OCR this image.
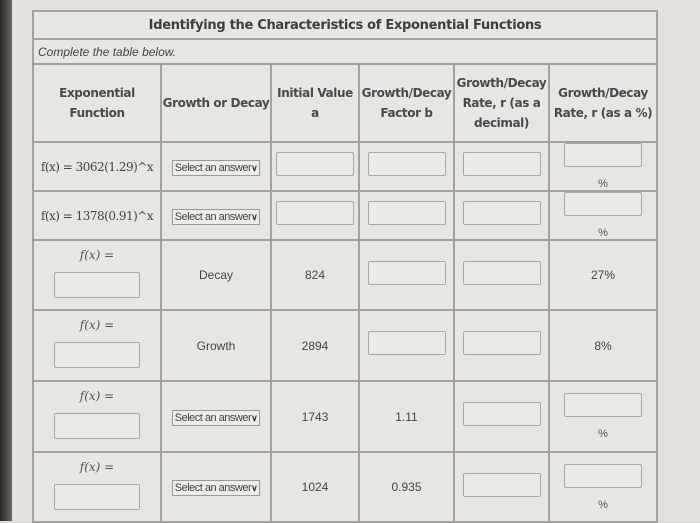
Identifying the Characteristics of Exponential Functions					
Complete the table below.					
Exponential Function	Growth or Decay	Initial Value a	Growth/Decay Factor b	Growth/Decay Rate, r (as a decimal)	Growth/Decay Rate, r (as a %)
f(x) = 3062(1.29)^x	Select an answer∨				%

f(x) = 1378(0.91)^x	Select an answer∨				%

f(x) =	Decay	824			27%

f(x) =	Growth	2894			8%

f(x) =	Select an answer∨	1743	1.11		%

f(x) =	Select an answer∨	1024	0.935		%
